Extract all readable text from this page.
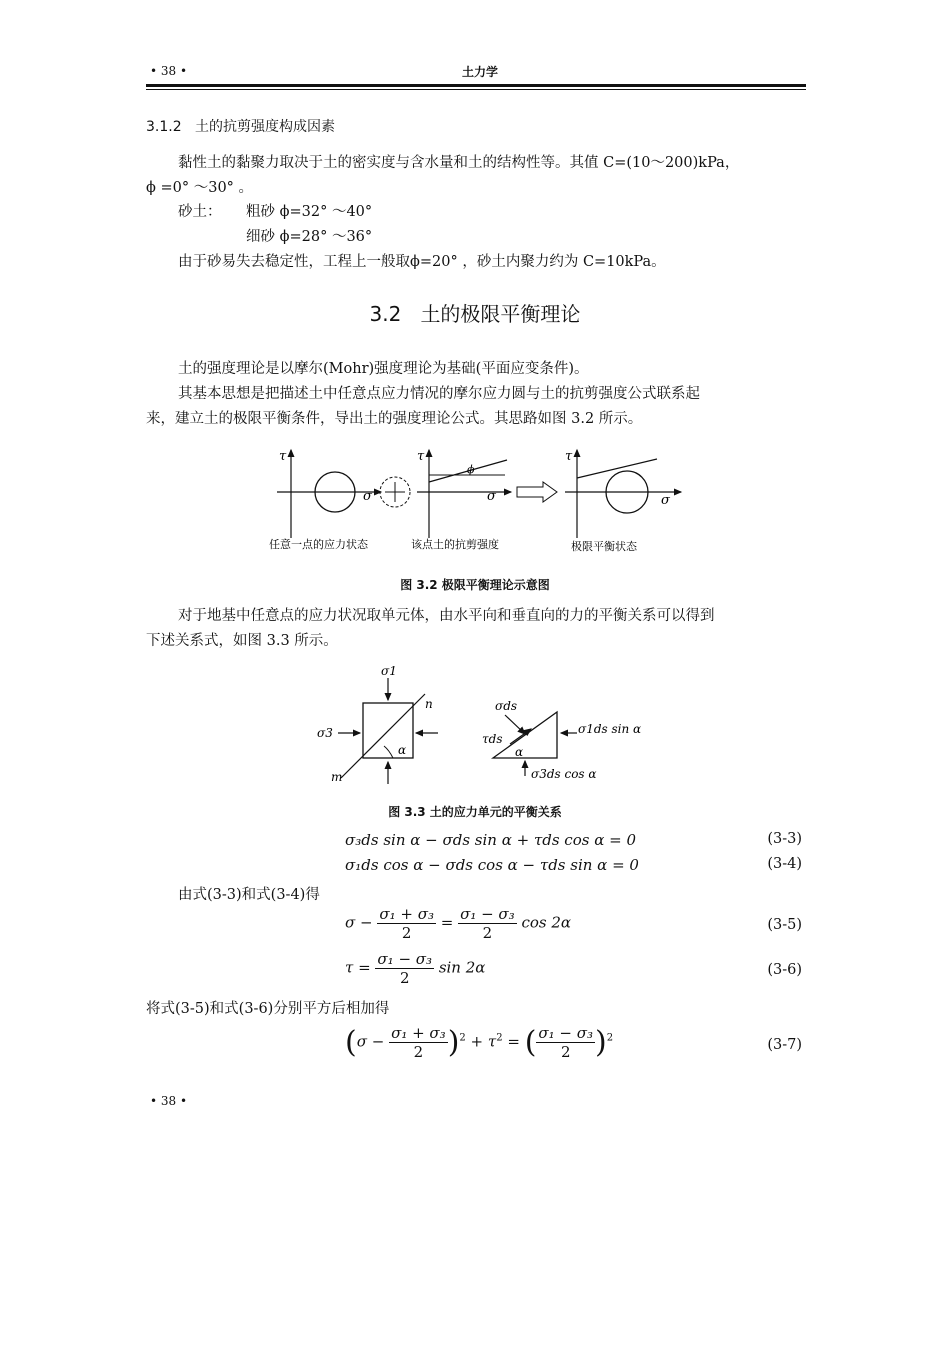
• 38 •	土力学
3.1.2 土的抗剪强度构成因素
黏性土的黏聚力取决于土的密实度与含水量和土的结构性等。其值 C=(10～200)kPa，
ϕ =0° ～30° 。
砂土： 粗砂 ϕ=32° ～40°
细砂 ϕ=28° ～36°
由于砂易失去稳定性，工程上一般取ϕ=20° ，砂土内聚力约为 C=10kPa。
3.2 土的极限平衡理论
土的强度理论是以摩尔(Mohr)强度理论为基础(平面应变条件)。
其基本思想是把描述土中任意点应力情况的摩尔应力圆与土的抗剪强度公式联系起
来，建立土的极限平衡条件，导出土的强度理论公式。其思路如图 3.2 所示。
τ
σ
任意一点的应力状态
τ
σ
ϕ
该点土的抗剪强度
τ
σ
极限平衡状态
图 3.2 极限平衡理论示意图
对于地基中任意点的应力状况取单元体，由水平向和垂直向的力的平衡关系可以得到
下述关系式，如图 3.3 所示。
σ1
σ3
n
m
α
σds
τds
α
σ1ds sin α
σ3ds cos α
图 3.3 土的应力单元的平衡关系
σ₃ds sin α − σds sin α + τds cos α = 0	(3-3)
σ₁ds cos α − σds cos α − τds sin α = 0	(3-4)
由式(3-3)和式(3-4)得
$\sigma - \frac{\text{σ₁ + σ₃}}{2} = \frac{\text{σ₁ − σ₃}}{2}$ cos 2α	(3-5)
$\tau = \frac{\text{σ₁ − σ₃}}{2}$ sin 2α	(3-6)
将式(3-5)和式(3-6)分别平方后相加得
$(\sigma - \frac{\text{σ₁ + σ₃}}{2} )^2 + \tau^2$ = ( $\frac{\text{σ₁ − σ₃}}{2} )^2$	(3-7)
• 38 •
